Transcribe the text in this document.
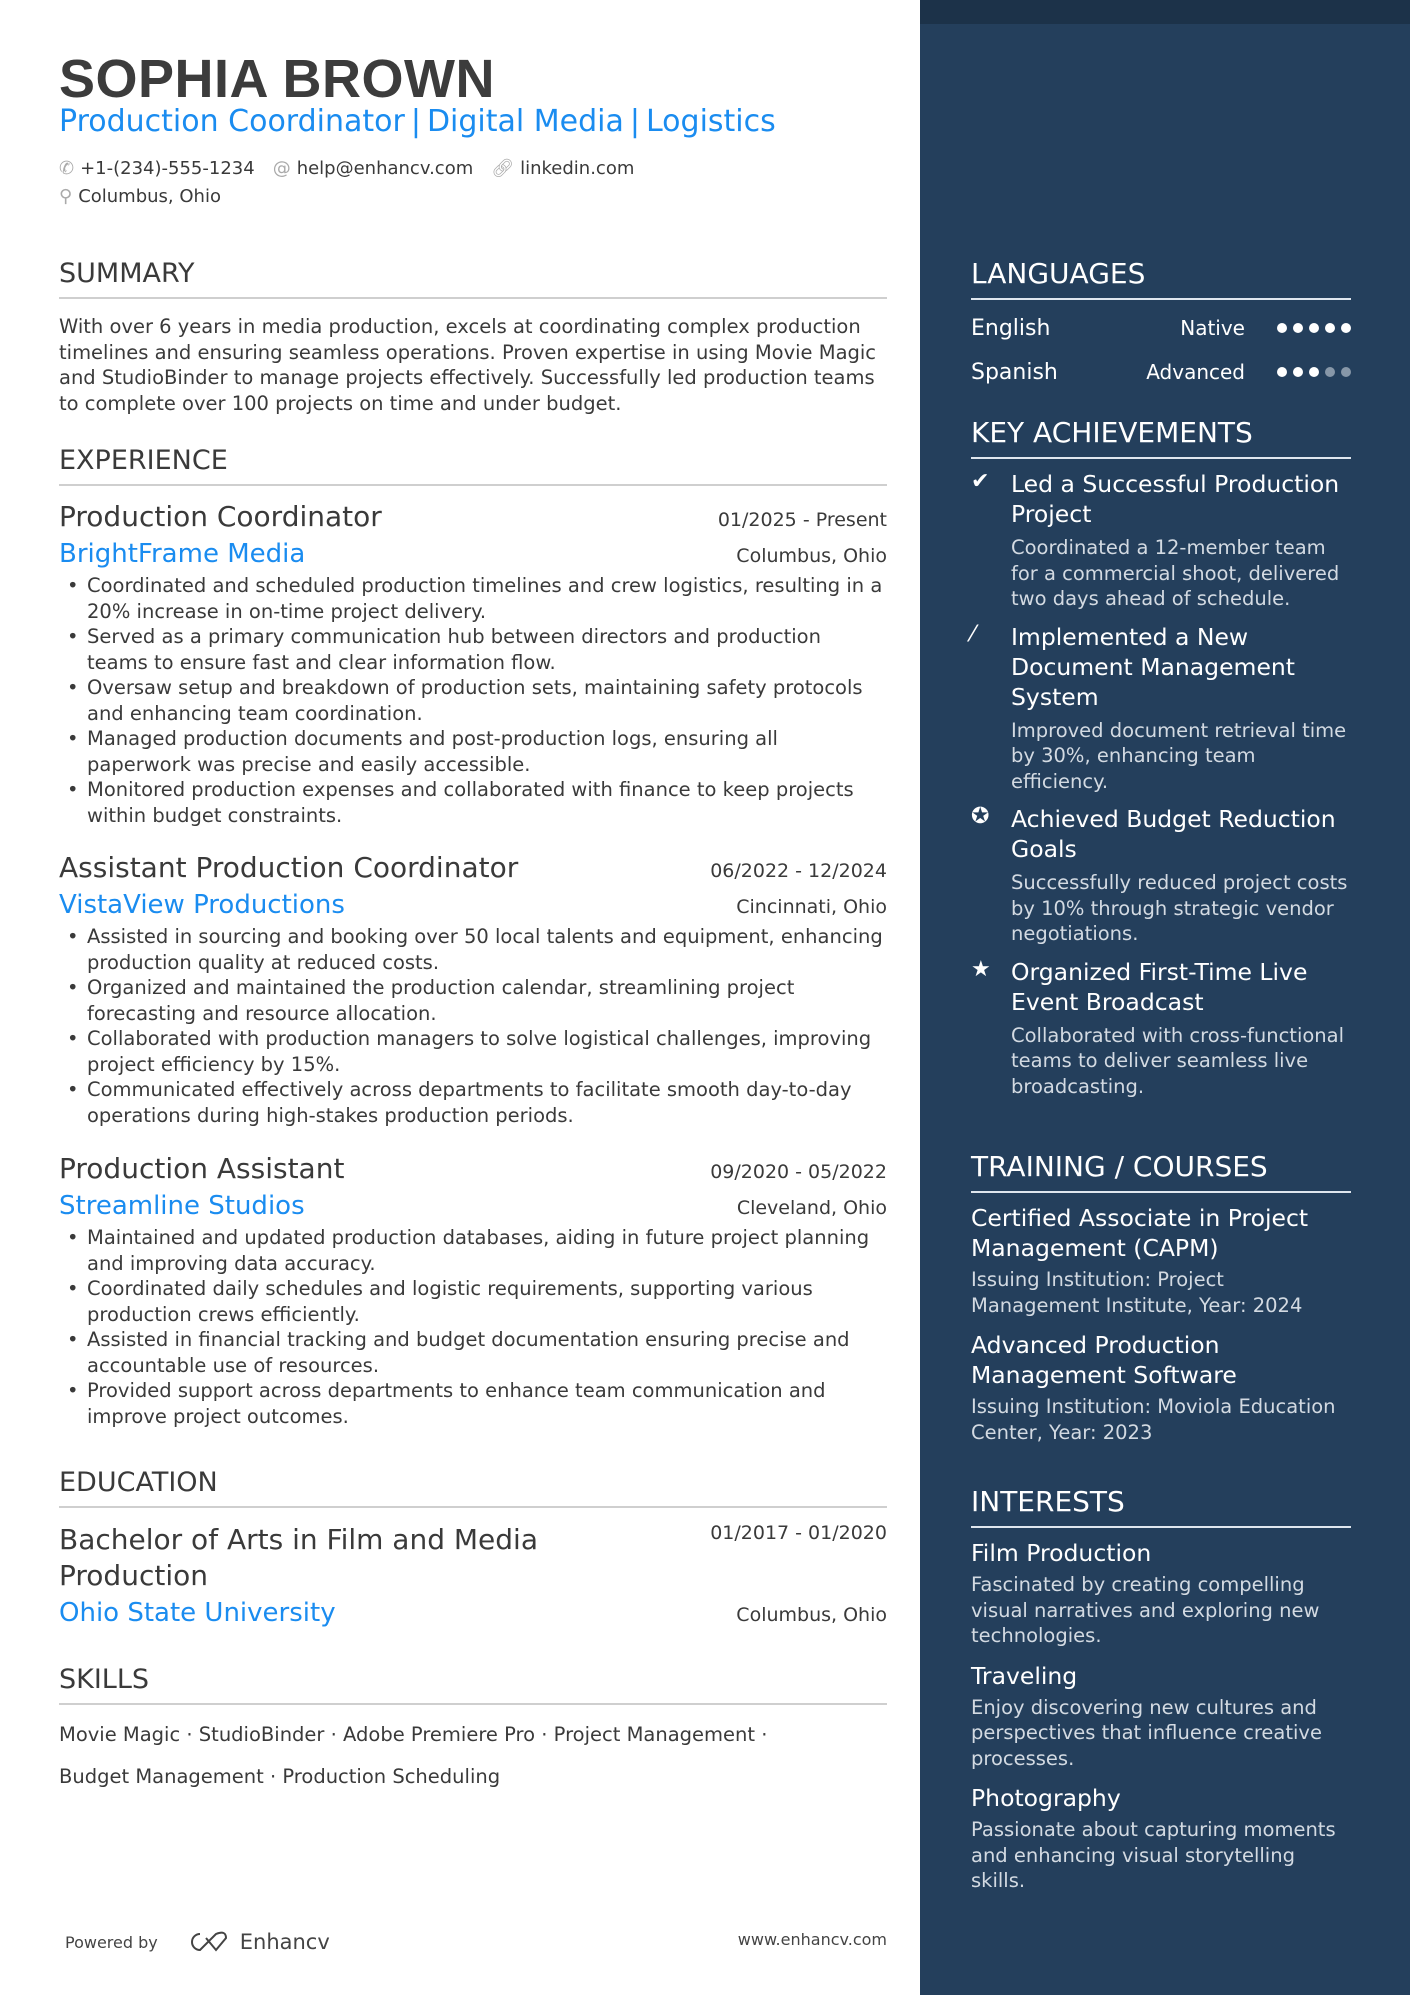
SOPHIA BROWN
Production Coordinator | Digital Media | Logistics
✆ +1-(234)-555-1234 @ help@enhancv.com 🔗︎ linkedin.com
⚲ Columbus, Ohio
SUMMARY
With over 6 years in media production, excels at coordinating complex production timelines and ensuring seamless operations. Proven expertise in using Movie Magic and StudioBinder to manage projects effectively. Successfully led production teams to complete over 100 projects on time and under budget.
EXPERIENCE
Production Coordinator	01/2025 - Present
BrightFrame Media	Columbus, Ohio
• Coordinated and scheduled production timelines and crew logistics, resulting in a 20% increase in on-time project delivery.
• Served as a primary communication hub between directors and production teams to ensure fast and clear information flow.
• Oversaw setup and breakdown of production sets, maintaining safety protocols and enhancing team coordination.
• Managed production documents and post-production logs, ensuring all paperwork was precise and easily accessible.
• Monitored production expenses and collaborated with finance to keep projects within budget constraints.
Assistant Production Coordinator	06/2022 - 12/2024
VistaView Productions	Cincinnati, Ohio
• Assisted in sourcing and booking over 50 local talents and equipment, enhancing production quality at reduced costs.
• Organized and maintained the production calendar, streamlining project forecasting and resource allocation.
• Collaborated with production managers to solve logistical challenges, improving project efficiency by 15%.
• Communicated effectively across departments to facilitate smooth day-to-day operations during high-stakes production periods.
Production Assistant	09/2020 - 05/2022
Streamline Studios	Cleveland, Ohio
• Maintained and updated production databases, aiding in future project planning and improving data accuracy.
• Coordinated daily schedules and logistic requirements, supporting various production crews efficiently.
• Assisted in financial tracking and budget documentation ensuring precise and accountable use of resources.
• Provided support across departments to enhance team communication and improve project outcomes.
EDUCATION
Bachelor of Arts in Film and Media Production
01/2017 - 01/2020
Ohio State University	Columbus, Ohio
SKILLS
Movie Magic · StudioBinder · Adobe Premiere Pro · Project Management ·
Budget Management · Production Scheduling
Powered by	Enhancv	www.enhancv.com
LANGUAGES
English	Native
Spanish	Advanced
KEY ACHIEVEMENTS
✔ Led a Successful Production Project
Coordinated a 12-member team for a commercial shoot, delivered two days ahead of schedule.
⁄	Implemented a New Document Management System
Improved document retrieval time by 30%, enhancing team efficiency.
✪ Achieved Budget Reduction Goals
Successfully reduced project costs by 10% through strategic vendor negotiations.
★ Organized First-Time Live Event Broadcast
Collaborated with cross-functional teams to deliver seamless live broadcasting.
TRAINING / COURSES
Certified Associate in Project Management (CAPM)
Issuing Institution: Project Management Institute, Year: 2024
Advanced Production Management Software
Issuing Institution: Moviola Education Center, Year: 2023
INTERESTS
Film Production
Fascinated by creating compelling visual narratives and exploring new technologies.
Traveling
Enjoy discovering new cultures and perspectives that influence creative processes.
Photography
Passionate about capturing moments and enhancing visual storytelling skills.
